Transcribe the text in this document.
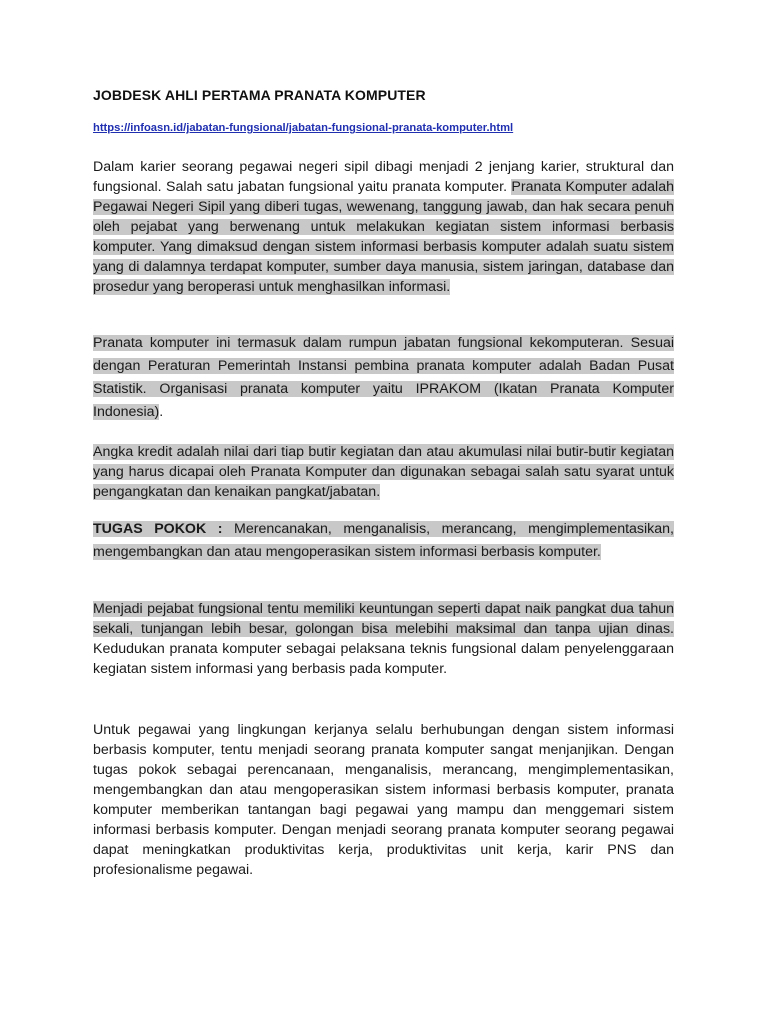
JOBDESK AHLI PERTAMA PRANATA KOMPUTER
https://infoasn.id/jabatan-fungsional/jabatan-fungsional-pranata-komputer.html

Dalam karier seorang pegawai negeri sipil dibagi menjadi 2 jenjang karier, struktural dan fungsional. Salah satu jabatan fungsional yaitu pranata komputer. Pranata Komputer adalah Pegawai Negeri Sipil yang diberi tugas, wewenang, tanggung jawab, dan hak secara penuh oleh pejabat yang berwenang untuk melakukan kegiatan sistem informasi berbasis komputer. Yang dimaksud dengan sistem informasi berbasis komputer adalah suatu sistem yang di dalamnya terdapat komputer, sumber daya manusia, sistem jaringan, database dan prosedur yang beroperasi untuk menghasilkan informasi.

Pranata komputer ini termasuk dalam rumpun jabatan fungsional kekomputeran. Sesuai dengan Peraturan Pemerintah Instansi pembina pranata komputer adalah Badan Pusat Statistik. Organisasi pranata komputer yaitu IPRAKOM (Ikatan Pranata Komputer Indonesia).

Angka kredit adalah nilai dari tiap butir kegiatan dan atau akumulasi nilai butir-butir kegiatan yang harus dicapai oleh Pranata Komputer dan digunakan sebagai salah satu syarat untuk pengangkatan dan kenaikan pangkat/jabatan.

TUGAS POKOK : Merencanakan, menganalisis, merancang, mengimplementasikan, mengembangkan dan atau mengoperasikan sistem informasi berbasis komputer.

Menjadi pejabat fungsional tentu memiliki keuntungan seperti dapat naik pangkat dua tahun sekali, tunjangan lebih besar, golongan bisa melebihi maksimal dan tanpa ujian dinas. Kedudukan pranata komputer sebagai pelaksana teknis fungsional dalam penyelenggaraan kegiatan sistem informasi yang berbasis pada komputer.

Untuk pegawai yang lingkungan kerjanya selalu berhubungan dengan sistem informasi berbasis komputer, tentu menjadi seorang pranata komputer sangat menjanjikan. Dengan tugas pokok sebagai perencanaan, menganalisis, merancang, mengimplementasikan, mengembangkan dan atau mengoperasikan sistem informasi berbasis komputer, pranata komputer memberikan tantangan bagi pegawai yang mampu dan menggemari sistem informasi berbasis komputer. Dengan menjadi seorang pranata komputer seorang pegawai dapat meningkatkan produktivitas kerja, produktivitas unit kerja, karir PNS dan profesionalisme pegawai.
